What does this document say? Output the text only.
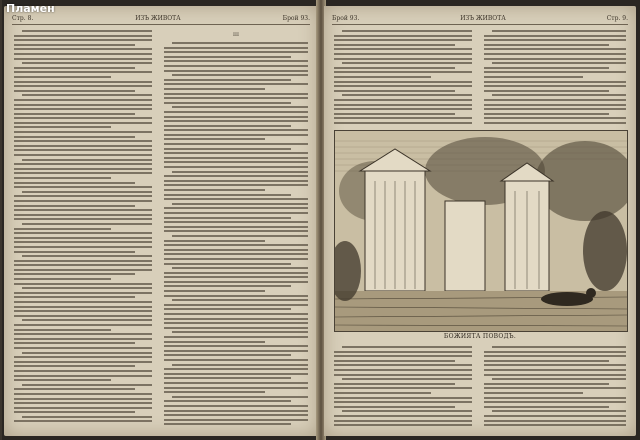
Стр. 8.	ИЗЪ ЖИВОТА	Брой 93.
III
Брой 93.	ИЗЪ ЖИВОТА	Стр. 9.
БОЖИЯТА ПОВОДЪ.
Пламен
